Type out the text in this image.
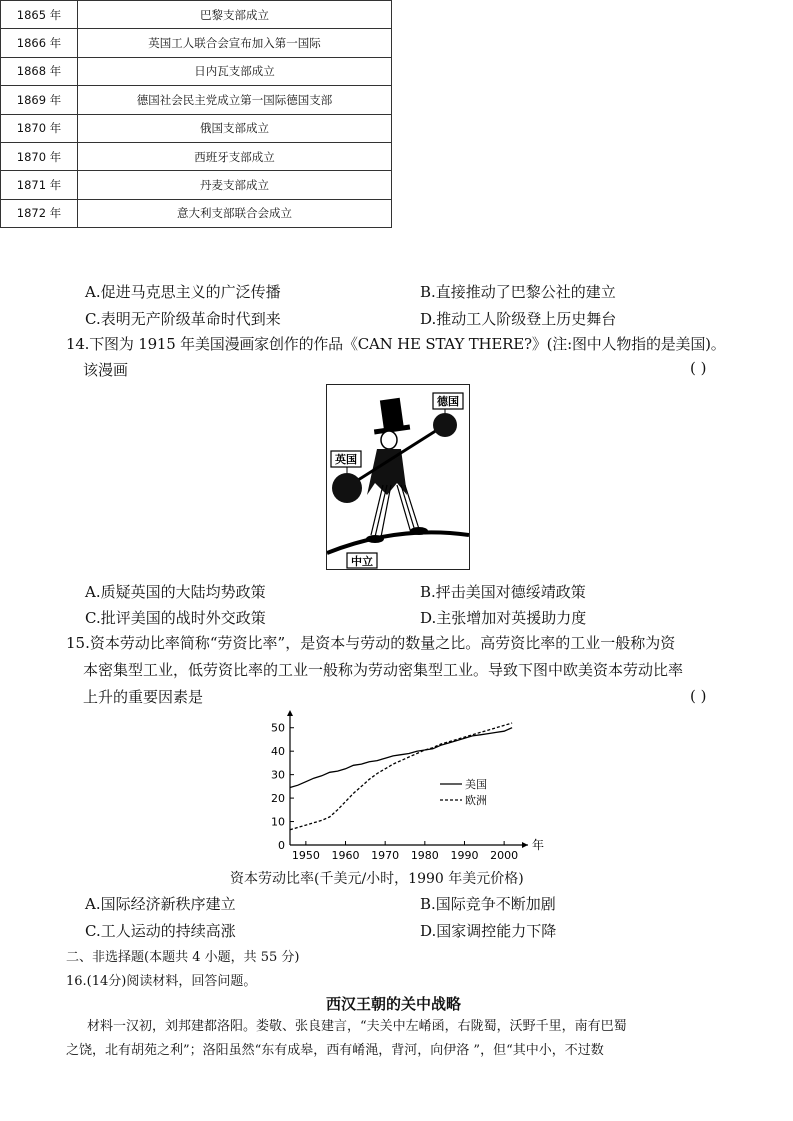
1865 年	巴黎支部成立
1866 年	英国工人联合会宣布加入第一国际
1868 年	日内瓦支部成立
1869 年	德国社会民主党成立第一国际德国支部
1870 年	俄国支部成立
1870 年	西班牙支部成立
1871 年	丹麦支部成立
1872 年	意大利支部联合会成立
A.促进马克思主义的广泛传播	B.直接推动了巴黎公社的建立
C.表明无产阶级革命时代到来	D.推动工人阶级登上历史舞台
14.下图为 1915 年美国漫画家创作的作品《CAN HE STAY THERE?》(注:图中人物指的是美国)。
该漫画	( )
德国
英国
中立
A.质疑英国的大陆均势政策	B.抨击美国对德绥靖政策
C.批评美国的战时外交政策	D.主张增加对英援助力度
15.资本劳动比率简称“劳资比率”，是资本与劳动的数量之比。高劳资比率的工业一般称为资
本密集型工业，低劳资比率的工业一般称为劳动密集型工业。导致下图中欧美资本劳动比率
上升的重要因素是	( )
0
10
20
30
40
50
1950 1960 1970 1980 1990 2000
年
美国
欧洲
资本劳动比率(千美元/小时，1990 年美元价格)
A.国际经济新秩序建立	B.国际竞争不断加剧
C.工人运动的持续高涨	D.国家调控能力下降
二、非选择题(本题共 4 小题，共 55 分)
16.(14分)阅读材料，回答问题。
西汉王朝的关中战略
材料一汉初，刘邦建都洛阳。娄敬、张良建言，“夫关中左崤函，右陇蜀，沃野千里，南有巴蜀
之饶，北有胡苑之利”；洛阳虽然“东有成皋，西有崤渑，背河，向伊洛 ”，但“其中小，不过数
